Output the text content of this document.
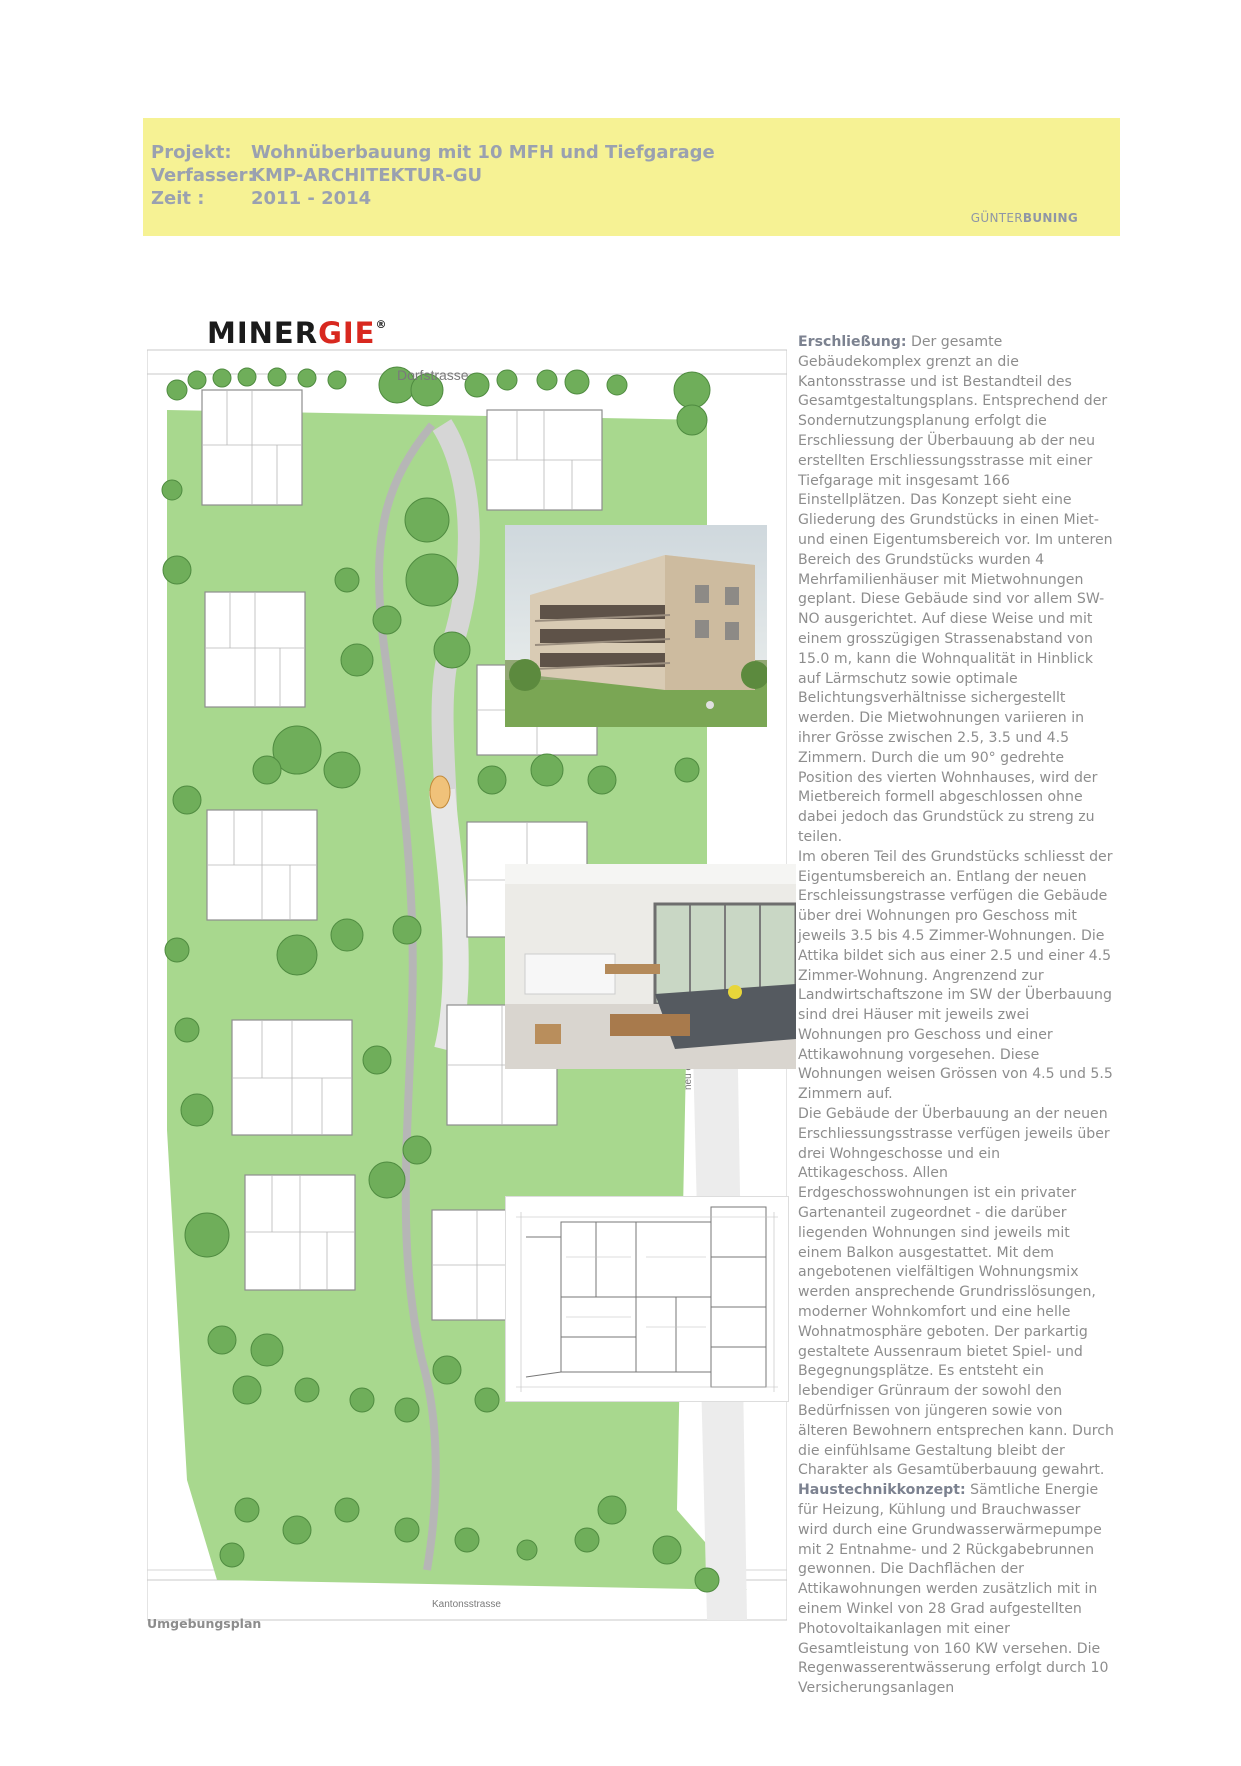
Projekt: Wohnüberbauung mit 10 MFH und Tiefgarage
Verfasser:KMP-ARCHITEKTUR-GU
Zeit :	2011 - 2014
GÜNTERBUNING
MINERGIE®
Dorfstrasse
Kantonsstrasse

Erschließung: Der gesamte Gebäudekomplex grenzt an die Kantonsstrasse und ist Bestandteil des Gesamtgestaltungsplans. Entsprechend der Sondernutzungsplanung erfolgt die Erschliessung der Überbauung ab der neu erstellten Erschliessungsstrasse mit einer Tiefgarage mit insgesamt 166 Einstellplätzen. Das Konzept sieht eine Gliederung des Grundstücks in einen Miet- und einen Eigentumsbereich vor. Im unteren Bereich des Grundstücks wurden 4 Mehrfamilienhäuser mit Mietwohnungen geplant. Diese Gebäude sind vor allem SW-NO ausgerichtet. Auf diese Weise und mit einem grosszügigen Strassenabstand von 15.0 m, kann die Wohnqualität in Hinblick auf Lärmschutz sowie optimale Belichtungsverhältnisse sichergestellt werden. Die Mietwohnungen variieren in ihrer Grösse zwischen 2.5, 3.5 und 4.5 Zimmern. Durch die um 90° gedrehte Position des vierten Wohnhauses, wird der Mietbereich formell abgeschlossen ohne dabei jedoch das Grundstück zu streng zu teilen.

Im oberen Teil des Grundstücks schliesst der Eigentumsbereich an. Entlang der neuen Erschleissungstrasse verfügen die Gebäude über drei Wohnungen pro Geschoss mit jeweils 3.5 bis 4.5 Zimmer-Wohnungen. Die Attika bildet sich aus einer 2.5 und einer 4.5 Zimmer-Wohnung. Angrenzend zur Landwirtschaftszone im SW der Überbauung sind drei Häuser mit jeweils zwei Wohnungen pro Geschoss und einer Attikawohnung vorgesehen. Diese Wohnungen weisen Grössen von 4.5 und 5.5 Zimmern auf.

Die Gebäude der Überbauung an der neuen Erschliessungsstrasse verfügen jeweils über drei Wohngeschosse und ein Attikageschoss. Allen Erdgeschosswohnungen ist ein privater Gartenanteil zugeordnet - die darüber liegenden Wohnungen sind jeweils mit einem Balkon ausgestattet. Mit dem angebotenen vielfältigen Wohnungsmix werden ansprechende Grundrisslösungen, moderner Wohnkomfort und eine helle Wohnatmosphäre geboten. Der parkartig gestaltete Aussenraum bietet Spiel- und Begegnungsplätze. Es entsteht ein lebendiger Grünraum der sowohl den Bedürfnissen von jüngeren sowie von älteren Bewohnern entsprechen kann. Durch die einfühlsame Gestaltung bleibt der Charakter als Gesamtüberbauung gewahrt.

Haustechnikkonzept: Sämtliche Energie für Heizung, Kühlung und Brauchwasser wird durch eine Grundwasserwärmepumpe mit 2 Entnahme- und 2 Rückgabebrunnen gewonnen. Die Dachflächen der Attikawohnungen werden zusätzlich mit in einem Winkel von 28 Grad aufgestellten Photovoltaikanlagen mit einer Gesamtleistung von 160 KW versehen. Die Regenwasserentwässerung erfolgt durch 10 Versicherungsanlagen

Umgebungsplan
